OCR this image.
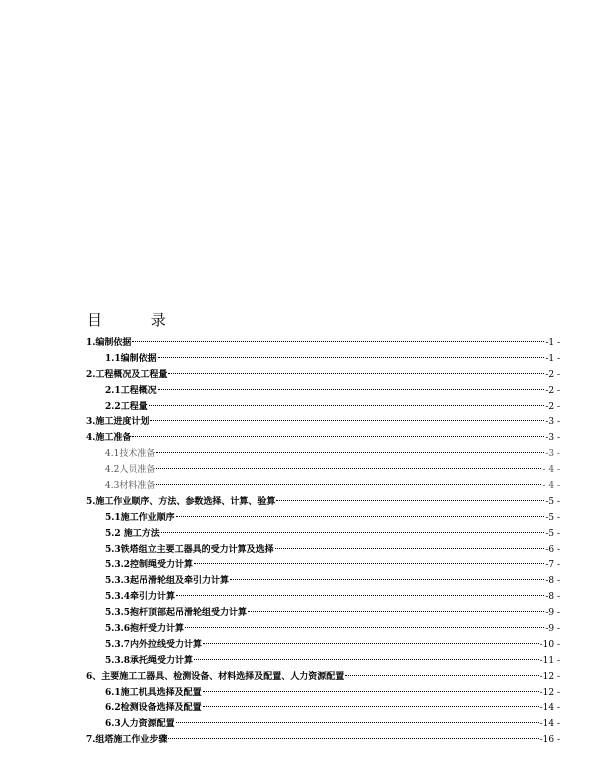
目 录
1.编制依据	-1 -
1.1编制依据	-1 -
2.工程概况及工程量	-2 -
2.1工程概况	-2 -
2.2工程量	-2 -
3.施工进度计划	-3 -
4.施工准备	-3 -
4.1技术准备	-3 -
4.2人员准备	- 4 -
4.3材料准备	- 4 -
5.施工作业顺序、方法、参数选择、计算、验算	-5 -
5.1施工作业顺序	-5 -
5.2 施工方法	-5 -
5.3铁塔组立主要工器具的受力计算及选择	-6 -
5.3.2控制绳受力计算	-7 -
5.3.3起吊滑轮组及牵引力计算	-8 -
5.3.4牵引力计算	-8 -
5.3.5抱杆顶部起吊滑轮组受力计算	-9 -
5.3.6抱杆受力计算	-9 -
5.3.7内外拉线受力计算	-10 -
5.3.8承托绳受力计算	-11 -
6、主要施工工器具、检测设备、材料选择及配置、人力资源配置	-12 -
6.1施工机具选择及配置	-12 -
6.2检测设备选择及配置	-14 -
6.3人力资源配置	-14 -
7.组塔施工作业步骤	-16 -
